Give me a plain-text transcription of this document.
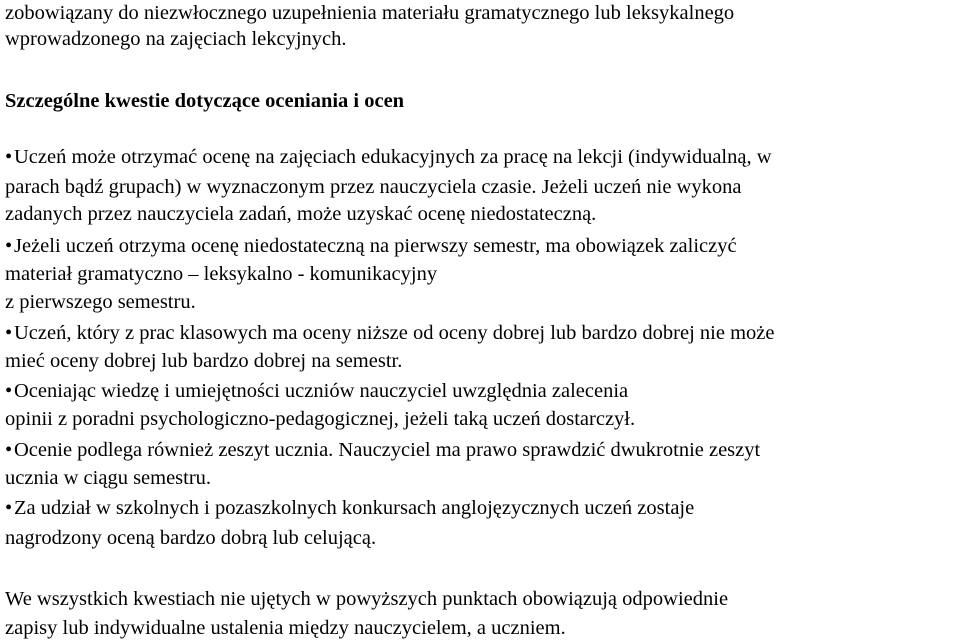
zobowiązany do niezwłocznego uzupełnienia materiału gramatycznego lub leksykalnego
wprowadzonego na zajęciach lekcyjnych.
Szczególne kwestie dotyczące oceniania i ocen
•Uczeń może otrzymać ocenę na zajęciach edukacyjnych za pracę na lekcji (indywidualną, w
parach bądź grupach) w wyznaczonym przez nauczyciela czasie. Jeżeli uczeń nie wykona
zadanych przez nauczyciela zadań, może uzyskać ocenę niedostateczną.
•Jeżeli uczeń otrzyma ocenę niedostateczną na pierwszy semestr, ma obowiązek zaliczyć
materiał gramatyczno – leksykalno - komunikacyjny
z pierwszego semestru.
•Uczeń, który z prac klasowych ma oceny niższe od oceny dobrej lub bardzo dobrej nie może
mieć oceny dobrej lub bardzo dobrej na semestr.
•Oceniając wiedzę i umiejętności uczniów nauczyciel uwzględnia zalecenia
opinii z poradni psychologiczno-pedagogicznej, jeżeli taką uczeń dostarczył.
•Ocenie podlega również zeszyt ucznia. Nauczyciel ma prawo sprawdzić dwukrotnie zeszyt
ucznia w ciągu semestru.
•Za udział w szkolnych i pozaszkolnych konkursach anglojęzycznych uczeń zostaje
nagrodzony oceną bardzo dobrą lub celującą.
We wszystkich kwestiach nie ujętych w powyższych punktach obowiązują odpowiednie
zapisy lub indywidualne ustalenia między nauczycielem, a uczniem.
